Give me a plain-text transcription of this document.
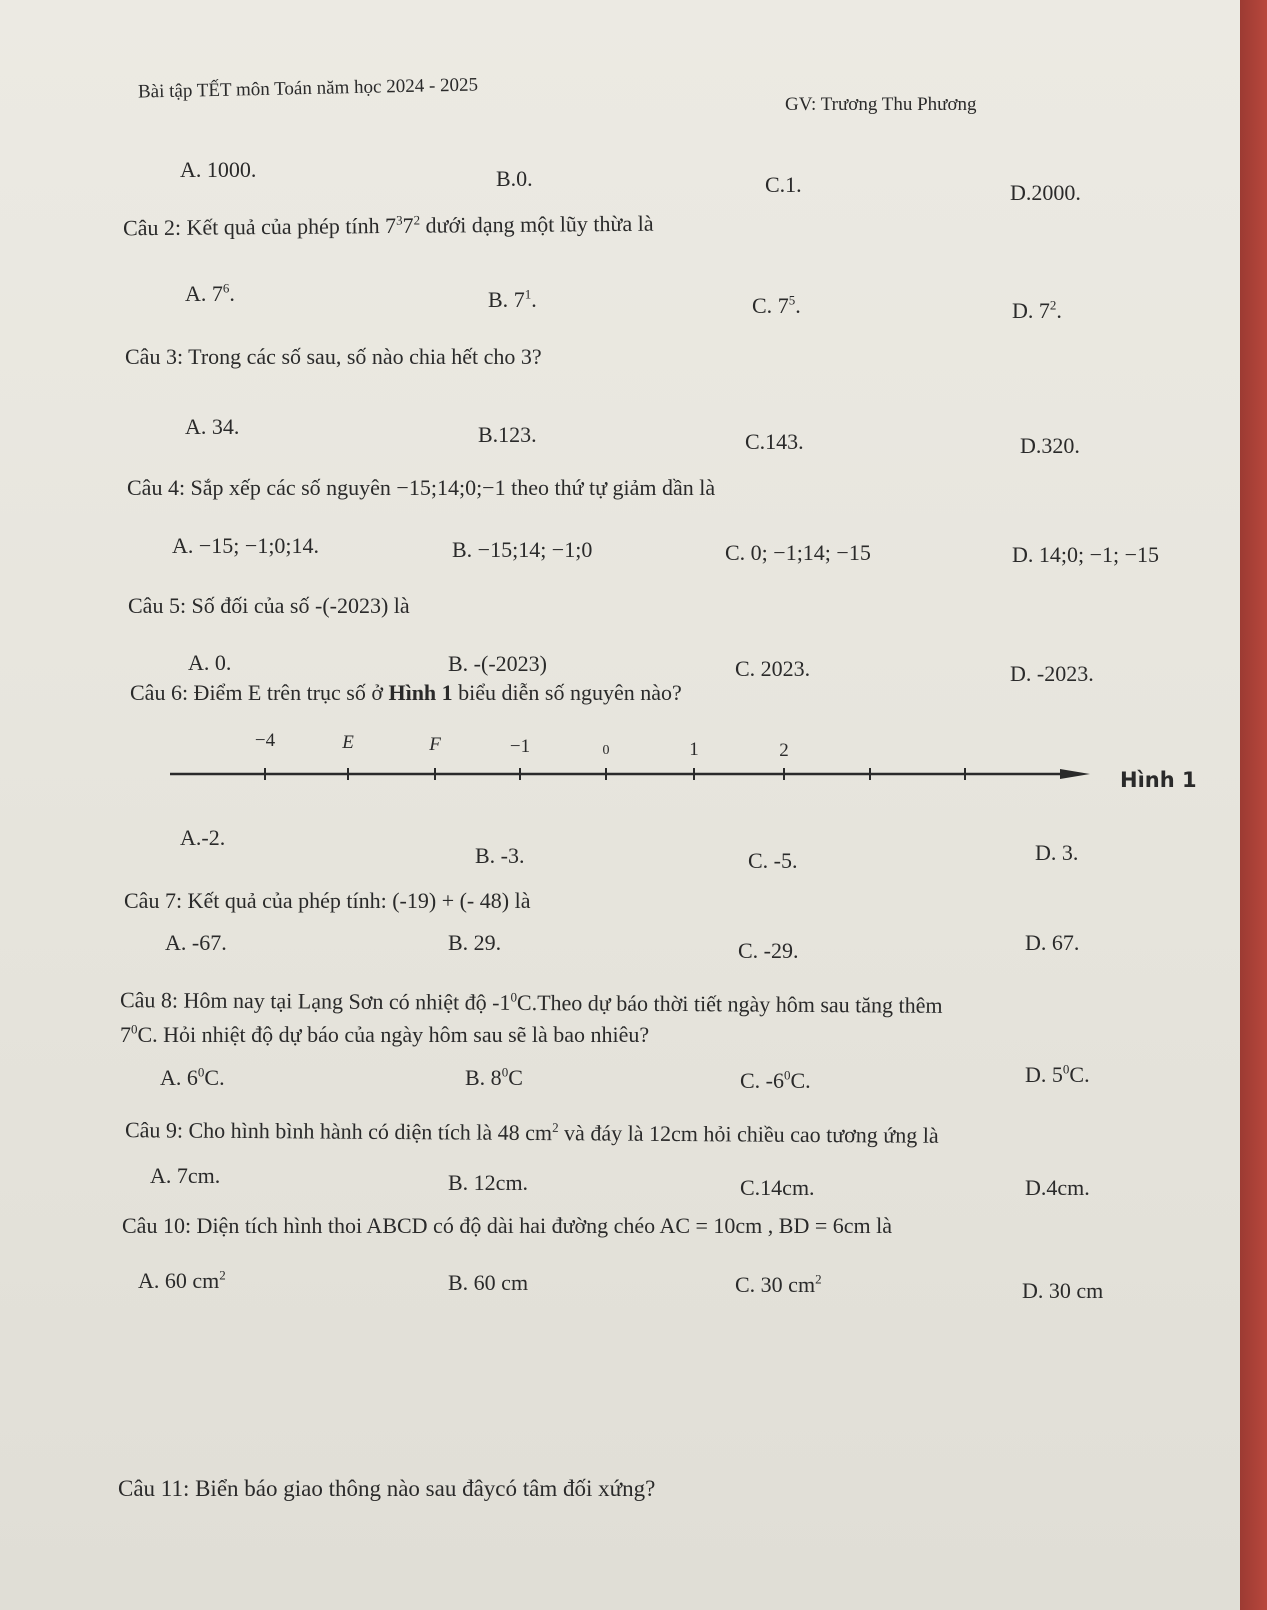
Bài tập TẾT môn Toán năm học 2024 - 2025
GV: Trương Thu Phương
A. 1000.	B.0.	C.1.	D.2000.
Câu 2: Kết quả của phép tính $7^37^2$ dưới dạng một lũy thừa là
A. $7^6$.	B. $7^1$.	C. $7^5$.	D. $7^2$.
Câu 3: Trong các số sau, số nào chia hết cho 3?
A. 34.	B.123.	C.143.	D.320.
Câu 4: Sắp xếp các số nguyên −15;14;0;−1 theo thứ tự giảm dần là
A. −15; −1;0;14.	B. −15;14; −1;0	C. 0; −1;14; −15	D. 14;0; −1; −15
Câu 5: Số đối của số -(-2023) là
A. 0.	B. -(-2023)	C. 2023.	D. -2023.
Câu 6: Điểm E trên trục số ở Hình 1 biểu diễn số nguyên nào?
−4	E	F	−1	0	1	2
Hình 1
A.-2.
B. -3.	C. -5.	D. 3.
Câu 7: Kết quả của phép tính: (-19) + (- 48) là
A. -67.	B. 29.	C. -29.	D. 67.
Câu 8: Hôm nay tại Lạng Sơn có nhiệt độ $-1^0C.Theo$ dự báo thời tiết ngày hôm sau tăng thêm
$7^0C$. Hỏi nhiệt độ dự báo của ngày hôm sau sẽ là bao nhiêu?
A. $6^0C$.	B. $8^0C$	C. $-6^0C$.	D. $5^0C$.
Câu 9: Cho hình bình hành có diện tích là 48 $cm^2$ và đáy là 12cm hỏi chiều cao tương ứng là
A. 7cm.	B. 12cm.	C.14cm.	D.4cm.
Câu 10: Diện tích hình thoi ABCD có độ dài hai đường chéo AC = 10cm , BD = 6cm là
A. 60 $cm^2$	B. 60 cm	C. 30 $cm^2$	D. 30 cm
Câu 11: Biển báo giao thông nào sau đâycó tâm đối xứng?
